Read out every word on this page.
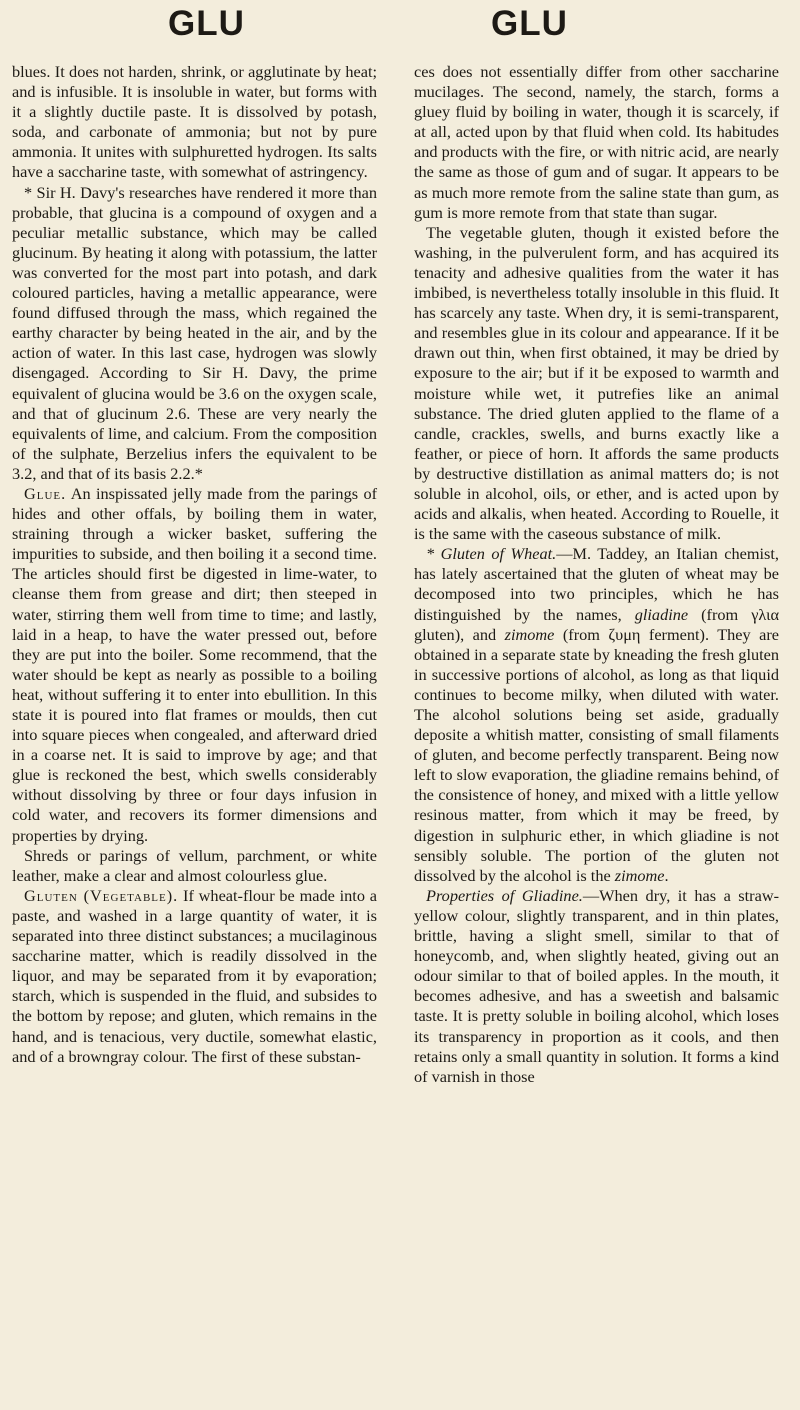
GLU	GLU

blues. It does not harden, shrink, or agglutinate by heat; and is infusible. It is insoluble in water, but forms with it a slightly ductile paste. It is dissolved by potash, soda, and carbonate of ammonia; but not by pure ammonia. It unites with sulphuretted hydrogen. Its salts have a saccharine taste, with somewhat of astringency.

* Sir H. Davy's researches have rendered it more than probable, that glucina is a compound of oxygen and a peculiar metallic substance, which may be called glucinum. By heating it along with potassium, the latter was converted for the most part into potash, and dark coloured particles, having a metallic appearance, were found diffused through the mass, which regained the earthy character by being heated in the air, and by the action of water. In this last case, hydrogen was slowly disengaged. According to Sir H. Davy, the prime equivalent of glucina would be 3.6 on the oxygen scale, and that of glucinum 2.6. These are very nearly the equivalents of lime, and calcium. From the composition of the sulphate, Berzelius infers the equivalent to be 3.2, and that of its basis 2.2.*

Glue. An inspissated jelly made from the parings of hides and other offals, by boiling them in water, straining through a wicker basket, suffering the impurities to subside, and then boiling it a second time. The articles should first be digested in lime-water, to cleanse them from grease and dirt; then steeped in water, stirring them well from time to time; and lastly, laid in a heap, to have the water pressed out, before they are put into the boiler. Some recommend, that the water should be kept as nearly as possible to a boiling heat, without suffering it to enter into ebullition. In this state it is poured into flat frames or moulds, then cut into square pieces when congealed, and afterward dried in a coarse net. It is said to improve by age; and that glue is reckoned the best, which swells considerably without dissolving by three or four days infusion in cold water, and recovers its former dimensions and properties by drying.

Shreds or parings of vellum, parchment, or white leather, make a clear and almost colourless glue.

Gluten (Vegetable). If wheat-flour be made into a paste, and washed in a large quantity of water, it is separated into three distinct substances; a mucilaginous saccharine matter, which is readily dissolved in the liquor, and may be separated from it by evaporation; starch, which is suspended in the fluid, and subsides to the bottom by repose; and gluten, which remains in the hand, and is tenacious, very ductile, somewhat elastic, and of a browngray colour. The first of these substan-

ces does not essentially differ from other saccharine mucilages. The second, namely, the starch, forms a gluey fluid by boiling in water, though it is scarcely, if at all, acted upon by that fluid when cold. Its habitudes and products with the fire, or with nitric acid, are nearly the same as those of gum and of sugar. It appears to be as much more remote from the saline state than gum, as gum is more remote from that state than sugar.

The vegetable gluten, though it existed before the washing, in the pulverulent form, and has acquired its tenacity and adhesive qualities from the water it has imbibed, is nevertheless totally insoluble in this fluid. It has scarcely any taste. When dry, it is semi-transparent, and resembles glue in its colour and appearance. If it be drawn out thin, when first obtained, it may be dried by exposure to the air; but if it be exposed to warmth and moisture while wet, it putrefies like an animal substance. The dried gluten applied to the flame of a candle, crackles, swells, and burns exactly like a feather, or piece of horn. It affords the same products by destructive distillation as animal matters do; is not soluble in alcohol, oils, or ether, and is acted upon by acids and alkalis, when heated. According to Rouelle, it is the same with the caseous substance of milk.

* Gluten of Wheat.—M. Taddey, an Italian chemist, has lately ascertained that the gluten of wheat may be decomposed into two principles, which he has distinguished by the names, gliadine (from γλια gluten), and zimome (from ζυμη ferment). They are obtained in a separate state by kneading the fresh gluten in successive portions of alcohol, as long as that liquid continues to become milky, when diluted with water. The alcohol solutions being set aside, gradually deposite a whitish matter, consisting of small filaments of gluten, and become perfectly transparent. Being now left to slow evaporation, the gliadine remains behind, of the consistence of honey, and mixed with a little yellow resinous matter, from which it may be freed, by digestion in sulphuric ether, in which gliadine is not sensibly soluble. The portion of the gluten not dissolved by the alcohol is the zimome.

Properties of Gliadine.—When dry, it has a straw-yellow colour, slightly transparent, and in thin plates, brittle, having a slight smell, similar to that of honeycomb, and, when slightly heated, giving out an odour similar to that of boiled apples. In the mouth, it becomes adhesive, and has a sweetish and balsamic taste. It is pretty soluble in boiling alcohol, which loses its transparency in proportion as it cools, and then retains only a small quantity in solution. It forms a kind of varnish in those
